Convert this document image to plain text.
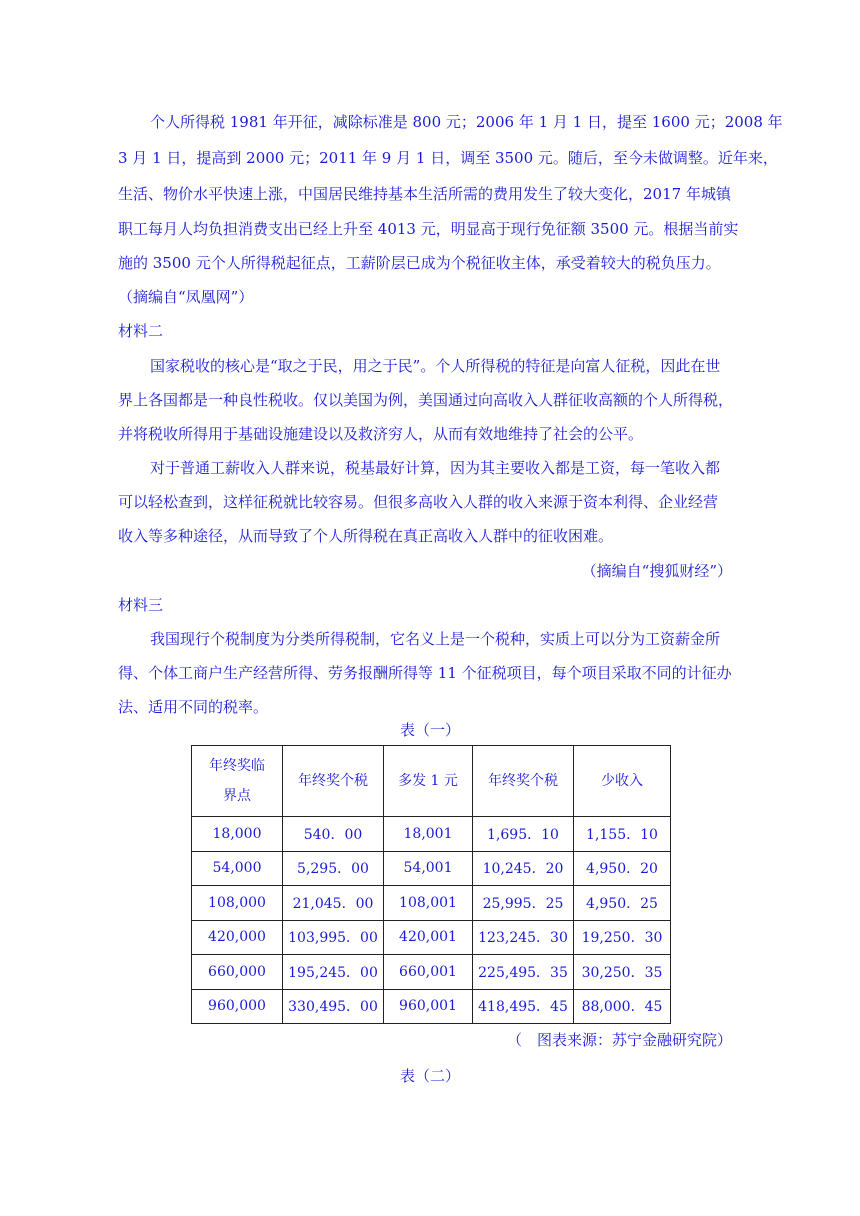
个人所得税 1981 年开征，减除标准是 800 元；2006 年 1 月 1 日，提至 1600 元；2008 年
3 月 1 日，提高到 2000 元；2011 年 9 月 1 日，调至 3500 元。随后，至今未做调整。近年来，
生活、物价水平快速上涨，中国居民维持基本生活所需的费用发生了较大变化，2017 年城镇
职工每月人均负担消费支出已经上升至 4013 元，明显高于现行免征额 3500 元。根据当前实
施的 3500 元个人所得税起征点，工薪阶层已成为个税征收主体，承受着较大的税负压力。
（摘编自“凤凰网”）
材料二
国家税收的核心是“取之于民，用之于民”。个人所得税的特征是向富人征税，因此在世
界上各国都是一种良性税收。仅以美国为例，美国通过向高收入人群征收高额的个人所得税，
并将税收所得用于基础设施建设以及救济穷人，从而有效地维持了社会的公平。
对于普通工薪收入人群来说，税基最好计算，因为其主要收入都是工资，每一笔收入都
可以轻松查到，这样征税就比较容易。但很多高收入人群的收入来源于资本利得、企业经营
收入等多种途径，从而导致了个人所得税在真正高收入人群中的征收困难。
（摘编自“搜狐财经”）
材料三
我国现行个税制度为分类所得税制，它名义上是一个税种，实质上可以分为工资薪金所
得、个体工商户生产经营所得、劳务报酬所得等 11 个征税项目，每个项目采取不同的计征办
法、适用不同的税率。
表（一）
年终奖临
界点	年终奖个税	多发 1 元	年终奖个税	少收入
18,000	540．00	18,001	1,695．10	1,155．10
54,000	5,295．00	54,001	10,245．20	4,950．20
108,000	21,045．00	108,001	25,995．25	4,950．25
420,000	103,995．00	420,001	123,245．30	19,250．30
660,000	195,245．00	660,001	225,495．35	30,250．35
960,000	330,495．00	960,001	418,495．45	88,000．45
（　图表来源：苏宁金融研究院）
表（二）
